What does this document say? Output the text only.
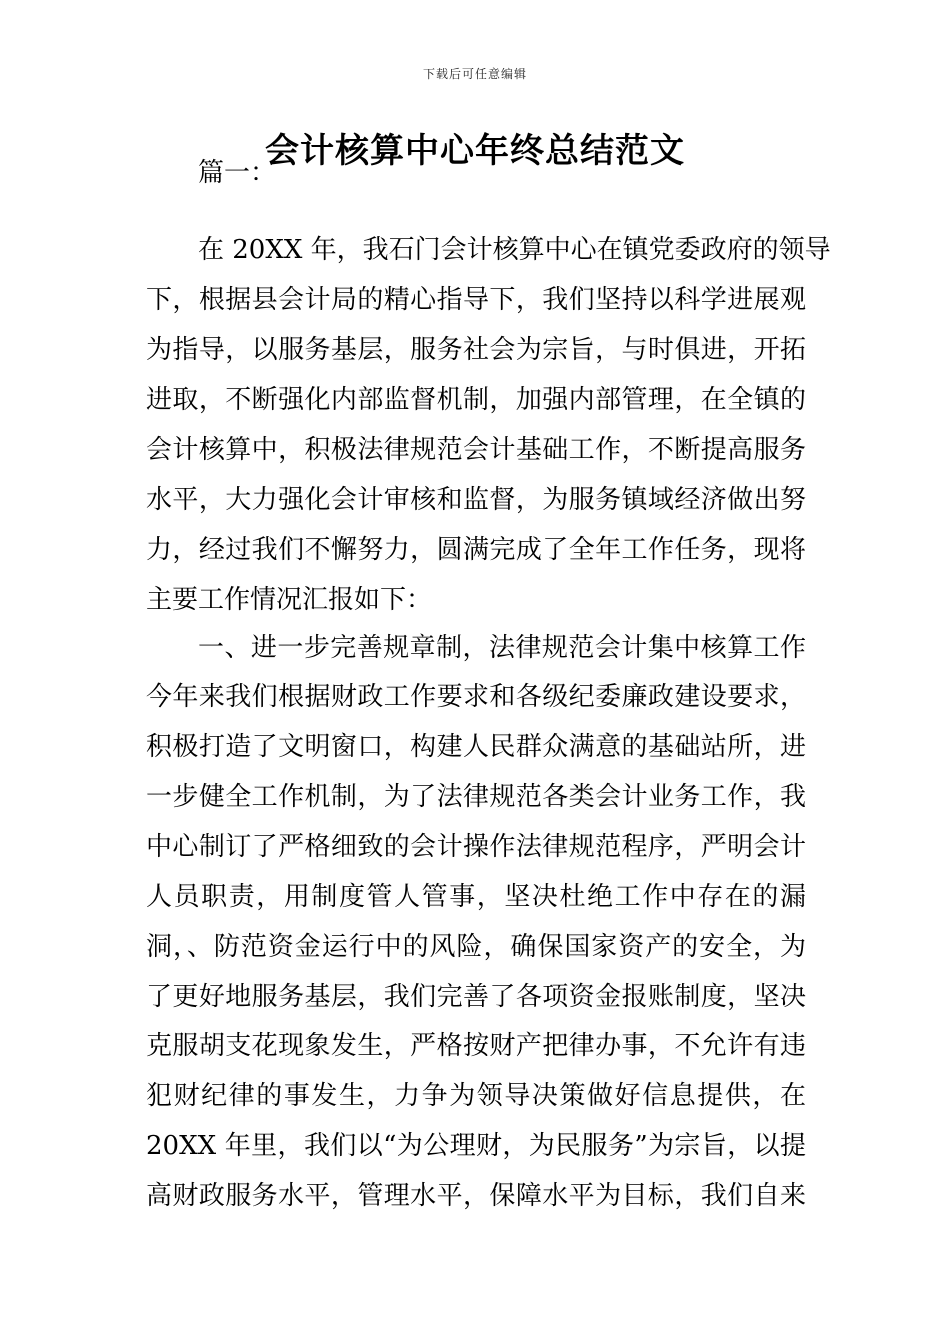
下载后可任意编辑
会计核算中心年终总结范文
篇一：
在 20XX 年，我石门会计核算中心在镇党委政府的领导
下，根据县会计局的精心指导下，我们坚持以科学进展观
为指导，以服务基层，服务社会为宗旨，与时俱进，开拓
进取，不断强化内部监督机制，加强内部管理，在全镇的
会计核算中，积极法律规范会计基础工作，不断提高服务
水平，大力强化会计审核和监督，为服务镇域经济做出努
力，经过我们不懈努力，圆满完成了全年工作任务，现将
主要工作情况汇报如下：
一、进一步完善规章制，法律规范会计集中核算工作
今年来我们根据财政工作要求和各级纪委廉政建设要求，
积极打造了文明窗口，构建人民群众满意的基础站所，进
一步健全工作机制，为了法律规范各类会计业务工作，我
中心制订了严格细致的会计操作法律规范程序，严明会计
人员职责，用制度管人管事，坚决杜绝工作中存在的漏
洞，、防范资金运行中的风险，确保国家资产的安全，为
了更好地服务基层，我们完善了各项资金报账制度，坚决
克服胡支花现象发生，严格按财产把律办事，不允许有违
犯财纪律的事发生，力争为领导决策做好信息提供，在
20XX 年里，我们以“为公理财，为民服务”为宗旨，以提
高财政服务水平，管理水平，保障水平为目标，我们自来
